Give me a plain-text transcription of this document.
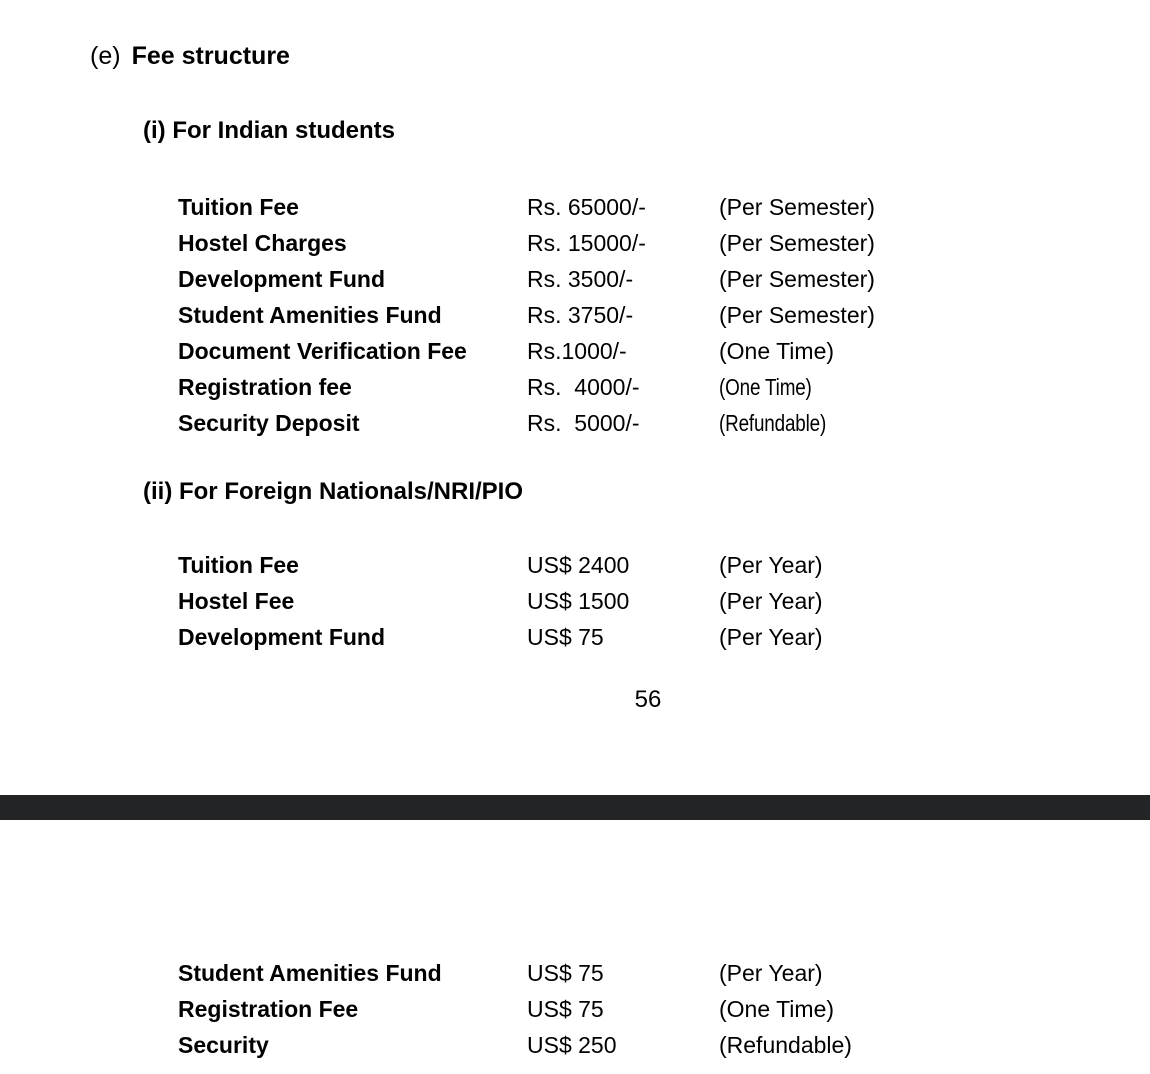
(e) Fee structure
(i) For Indian students
Tuition Fee	Rs. 65000/-	(Per Semester)
Hostel Charges	Rs. 15000/-	(Per Semester)
Development Fund	Rs. 3500/-	(Per Semester)
Student Amenities Fund	Rs. 3750/-	(Per Semester)
Document Verification Fee	Rs.1000/-	(One Time)
Registration fee	Rs.  4000/-	(One Time)
Security Deposit	Rs.  5000/-	(Refundable)
(ii) For Foreign Nationals/NRI/PIO
Tuition Fee	US$ 2400	(Per Year)
Hostel Fee	US$ 1500	(Per Year)
Development Fund	US$ 75	(Per Year)
56
Student Amenities Fund	US$ 75	(Per Year)
Registration Fee	US$ 75	(One Time)
Security	US$ 250	(Refundable)
